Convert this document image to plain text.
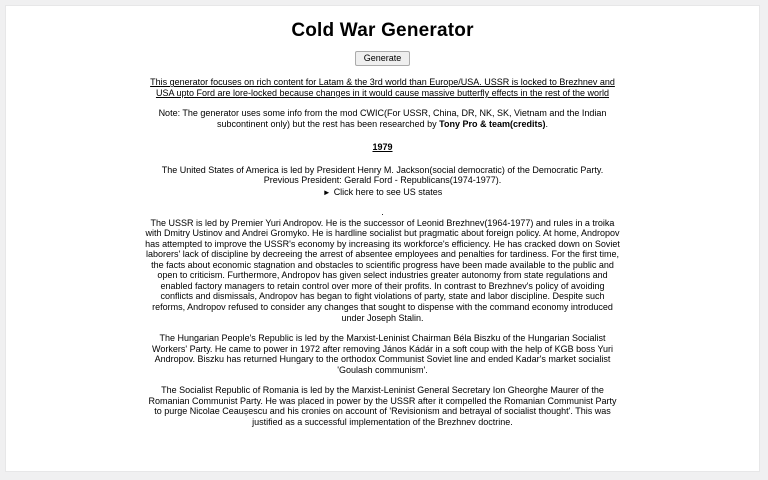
Cold War Generator
Generate
This generator focuses on rich content for Latam & the 3rd world than Europe/USA. USSR is locked to Brezhnev and USA upto Ford are lore-locked because changes in it would cause massive butterfly effects in the rest of the world
Note: The generator uses some info from the mod CWIC(For USSR, China, DR, NK, SK, Vietnam and the Indian subcontinent only) but the rest has been researched by Tony Pro & team(credits).
1979
The United States of America is led by President Henry M. Jackson(social democratic) of the Democratic Party.
Previous President: Gerald Ford - Republicans(1974-1977).
► Click here to see US states
.
The USSR is led by Premier Yuri Andropov. He is the successor of Leonid Brezhnev(1964-1977) and rules in a troika with Dmitry Ustinov and Andrei Gromyko. He is hardline socialist but pragmatic about foreign policy. At home, Andropov has attempted to improve the USSR's economy by increasing its workforce's efficiency. He has cracked down on Soviet laborers' lack of discipline by decreeing the arrest of absentee employees and penalties for tardiness. For the first time, the facts about economic stagnation and obstacles to scientific progress have been made available to the public and open to criticism. Furthermore, Andropov has given select industries greater autonomy from state regulations and enabled factory managers to retain control over more of their profits. In contrast to Brezhnev's policy of avoiding conflicts and dismissals, Andropov has began to fight violations of party, state and labor discipline. Despite such reforms, Andropov refused to consider any changes that sought to dispense with the command economy introduced under Joseph Stalin.
The Hungarian People's Republic is led by the Marxist-Leninist Chairman Béla Biszku of the Hungarian Socialist Workers' Party. He came to power in 1972 after removing János Kádár in a soft coup with the help of KGB boss Yuri Andropov. Biszku has returned Hungary to the orthodox Communist Soviet line and ended Kadar's market socialist 'Goulash communism'.
The Socialist Republic of Romania is led by the Marxist-Leninist General Secretary Ion Gheorghe Maurer of the Romanian Communist Party. He was placed in power by the USSR after it compelled the Romanian Communist Party to purge Nicolae Ceaușescu and his cronies on account of 'Revisionism and betrayal of socialist thought'. This was justified as a successful implementation of the Brezhnev doctrine.
